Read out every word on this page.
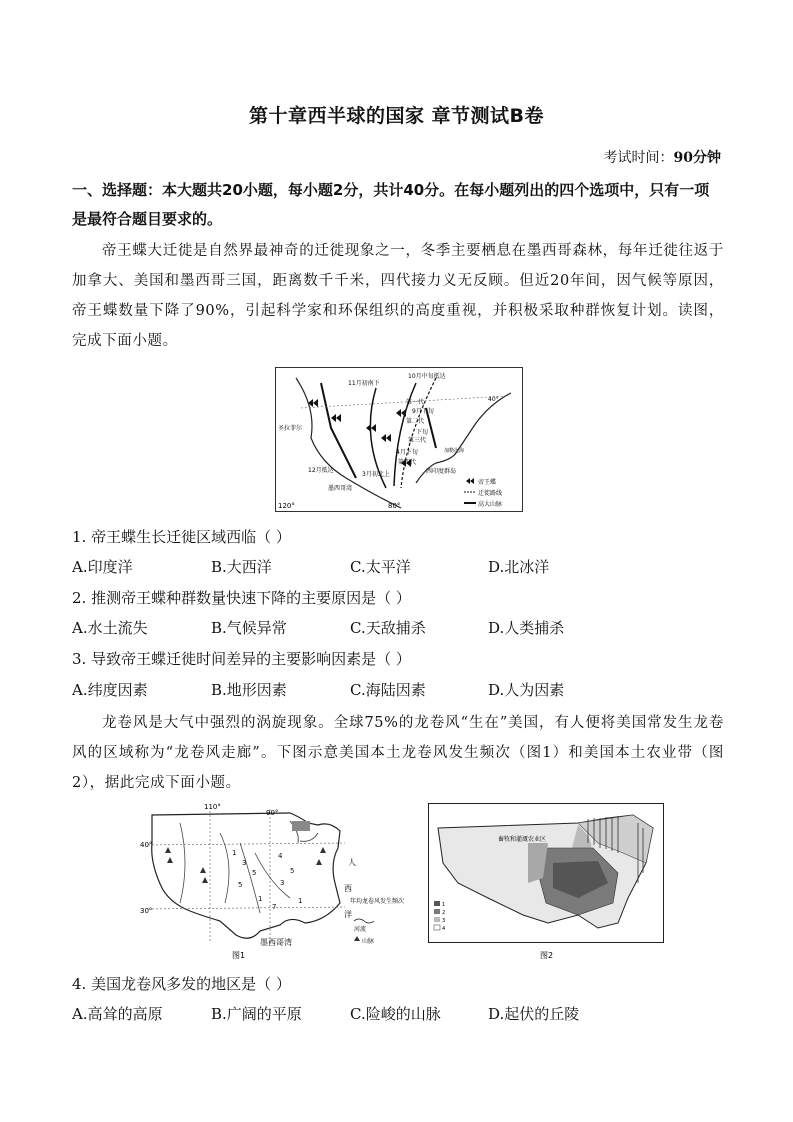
第十章西半球的国家 章节测试B卷
考试时间：90分钟
一、选择题：本大题共20小题，每小题2分，共计40分。在每小题列出的四个选项中，只有一项是最符合题目要求的。
帝王蝶大迁徙是自然界最神奇的迁徙现象之一，冬季主要栖息在墨西哥森林，每年迁徙往返于加拿大、美国和墨西哥三国，距离数千千米，四代接力义无反顾。但近20年间，因气候等原因，帝王蝶数量下降了90%，引起科学家和环保组织的高度重视，并积极采取种群恢复计划。读图，完成下面小题。
11月初南下
10月中旬抵达
40°
第一代
9月下旬
第二代
下旬
第三代
4月下旬
第四代
圣拉菲尔
12月抵达
3月初北上
墨西哥湾
加勒比海
西印度群岛
120°	80°
帝王蝶
迁徙路线
高大山脉
1. 帝王蝶生长迁徙区域西临（ ）
A.印度洋	B.大西洋	C.太平洋	D.北冰洋
2. 推测帝王蝶种群数量快速下降的主要原因是（ ）
A.水土流失	B.气候异常	C.天敌捕杀	D.人类捕杀
3. 导致帝王蝶迁徙时间差异的主要影响因素是（ ）
A.纬度因素	B.地形因素	C.海陆因素	D.人为因素
龙卷风是大气中强烈的涡旋现象。全球75%的龙卷风“生在”美国，有人便将美国常发生龙卷风的区域称为“龙卷风走廊”。下图示意美国本土龙卷风发生频次（图1）和美国本土农业带（图2），据此完成下面小题。
110°
90°
40°
30°
墨西哥湾
人
西
洋
1
3
5
4
5
1
3
5
7
1	年均龙卷风发生频次
河流
山脉
图1
畜牧和灌溉农业区
1
2
3
4
图2
4. 美国龙卷风多发的地区是（ ）
A.高耸的高原	B.广阔的平原	C.险峻的山脉	D.起伏的丘陵
